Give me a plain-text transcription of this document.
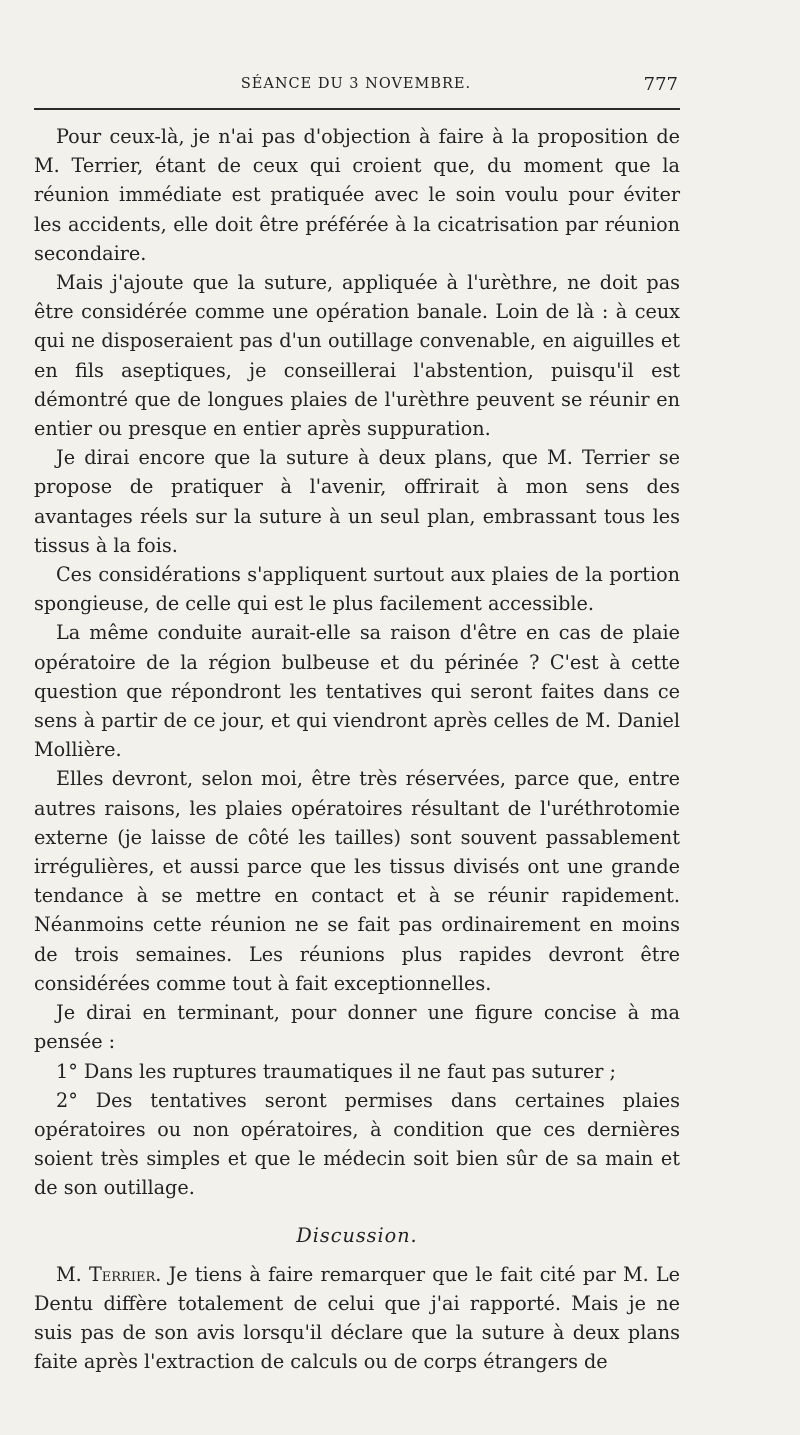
SÉANCE DU 3 NOVEMBRE.	777

Pour ceux-là, je n'ai pas d'objection à faire à la proposition de M. Terrier, étant de ceux qui croient que, du moment que la réunion immédiate est pratiquée avec le soin voulu pour éviter les accidents, elle doit être préférée à la cicatrisation par réunion secondaire.

Mais j'ajoute que la suture, appliquée à l'urèthre, ne doit pas être considérée comme une opération banale. Loin de là : à ceux qui ne disposeraient pas d'un outillage convenable, en aiguilles et en fils aseptiques, je conseillerai l'abstention, puisqu'il est démontré que de longues plaies de l'urèthre peuvent se réunir en entier ou presque en entier après suppuration.

Je dirai encore que la suture à deux plans, que M. Terrier se propose de pratiquer à l'avenir, offrirait à mon sens des avantages réels sur la suture à un seul plan, embrassant tous les tissus à la fois.

Ces considérations s'appliquent surtout aux plaies de la portion spongieuse, de celle qui est le plus facilement accessible.

La même conduite aurait-elle sa raison d'être en cas de plaie opératoire de la région bulbeuse et du périnée ? C'est à cette question que répondront les tentatives qui seront faites dans ce sens à partir de ce jour, et qui viendront après celles de M. Daniel Mollière.

Elles devront, selon moi, être très réservées, parce que, entre autres raisons, les plaies opératoires résultant de l'uréthrotomie externe (je laisse de côté les tailles) sont souvent passablement irrégulières, et aussi parce que les tissus divisés ont une grande tendance à se mettre en contact et à se réunir rapidement. Néanmoins cette réunion ne se fait pas ordinairement en moins de trois semaines. Les réunions plus rapides devront être considérées comme tout à fait exceptionnelles.

Je dirai en terminant, pour donner une figure concise à ma pensée :

1° Dans les ruptures traumatiques il ne faut pas suturer ;

2° Des tentatives seront permises dans certaines plaies opératoires ou non opératoires, à condition que ces dernières soient très simples et que le médecin soit bien sûr de sa main et de son outillage.

Discussion.

M. Terrier. Je tiens à faire remarquer que le fait cité par M. Le Dentu diffère totalement de celui que j'ai rapporté. Mais je ne suis pas de son avis lorsqu'il déclare que la suture à deux plans faite après l'extraction de calculs ou de corps étrangers de
